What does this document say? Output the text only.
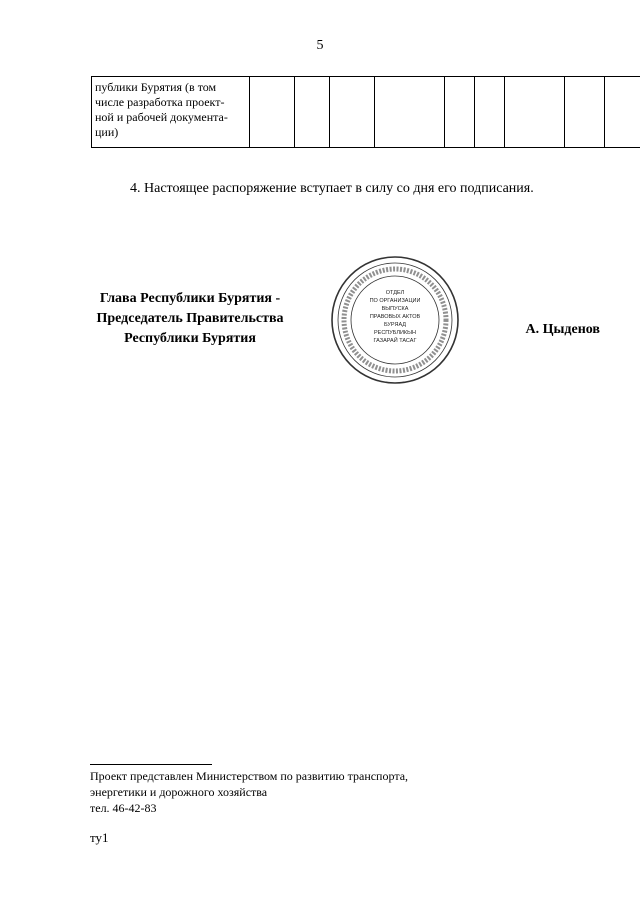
5
публики Бурятия (в том
числе разработка проект-
ной и рабочей документа-
ции)

4. Настоящее распоряжение вступает в силу со дня его подписания.
Глава Республики Бурятия -
Председатель Правительства
Республики Бурятия
ОТДЕЛ
ПО ОРГАНИЗАЦИИ
ВЫПУСКА
ПРАВОВЫХ АКТОВ
БУРЯАД
РЕСПУБЛИКЫН
ГАЗАРАЙ ТАСАГ
А. Цыденов
Проект представлен Министерством по развитию транспорта,
энергетики и дорожного хозяйства
тел. 46-42-83
ту1
